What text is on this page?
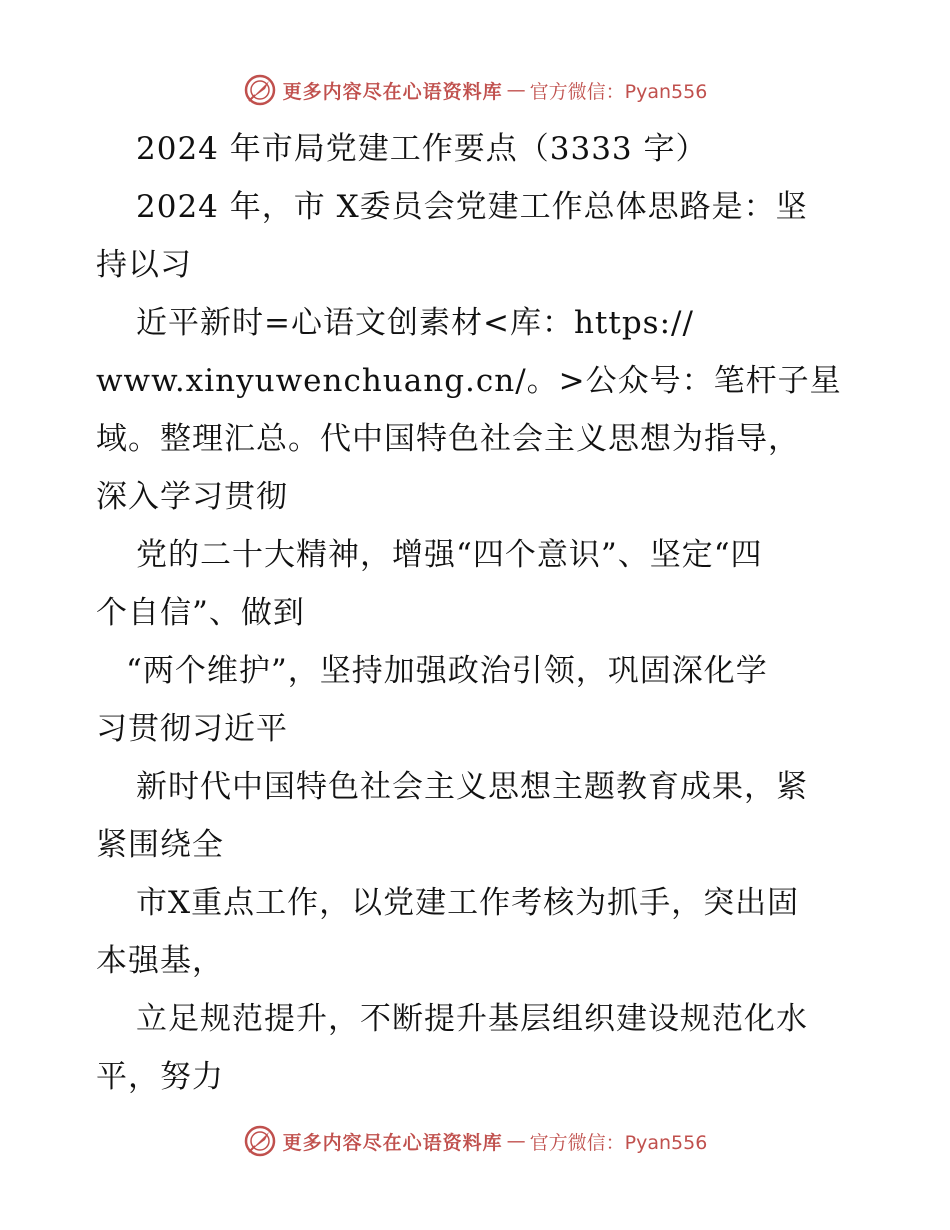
更多内容尽在心语资料库 — 官方微信：Pyan556
2024 年市局党建工作要点（3333 字）
2024 年，市 X委员会党建工作总体思路是：坚
持以习
近平新时=心语文创素材<库：https://
www.xinyuwenchuang.cn/。>公众号：笔杆子星
域。整理汇总。代中国特色社会主义思想为指导，
深入学习贯彻
党的二十大精神，增强“四个意识”、坚定“四
个自信”、做到
“两个维护”，坚持加强政治引领，巩固深化学
习贯彻习近平
新时代中国特色社会主义思想主题教育成果，紧
紧围绕全
市X重点工作，以党建工作考核为抓手，突出固
本强基，
立足规范提升，不断提升基层组织建设规范化水
平，努力
更多内容尽在心语资料库 — 官方微信：Pyan556
